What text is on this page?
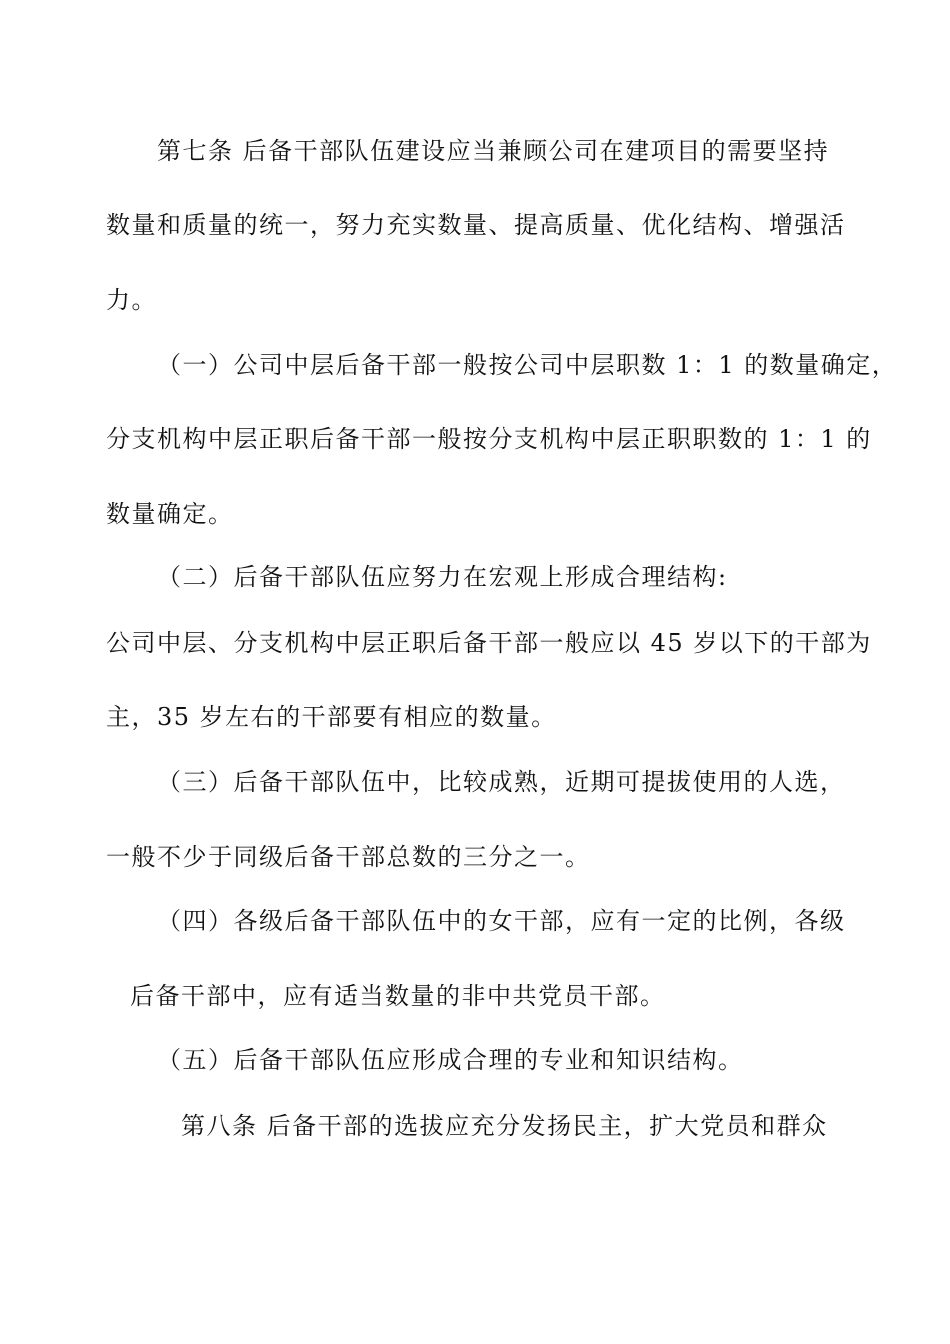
第七条 后备干部队伍建设应当兼顾公司在建项目的需要坚持

数量和质量的统一，努力充实数量、提高质量、优化结构、增强活

力。

（一）公司中层后备干部一般按公司中层职数 1：1 的数量确定，

分支机构中层正职后备干部一般按分支机构中层正职职数的 1：1 的

数量确定。

（二）后备干部队伍应努力在宏观上形成合理结构:

公司中层、分支机构中层正职后备干部一般应以 45 岁以下的干部为

主，35 岁左右的干部要有相应的数量。

（三）后备干部队伍中，比较成熟，近期可提拔使用的人选，

一般不少于同级后备干部总数的三分之一。

（四）各级后备干部队伍中的女干部，应有一定的比例，各级

后备干部中，应有适当数量的非中共党员干部。

（五）后备干部队伍应形成合理的专业和知识结构。

第八条 后备干部的选拔应充分发扬民主，扩大党员和群众
